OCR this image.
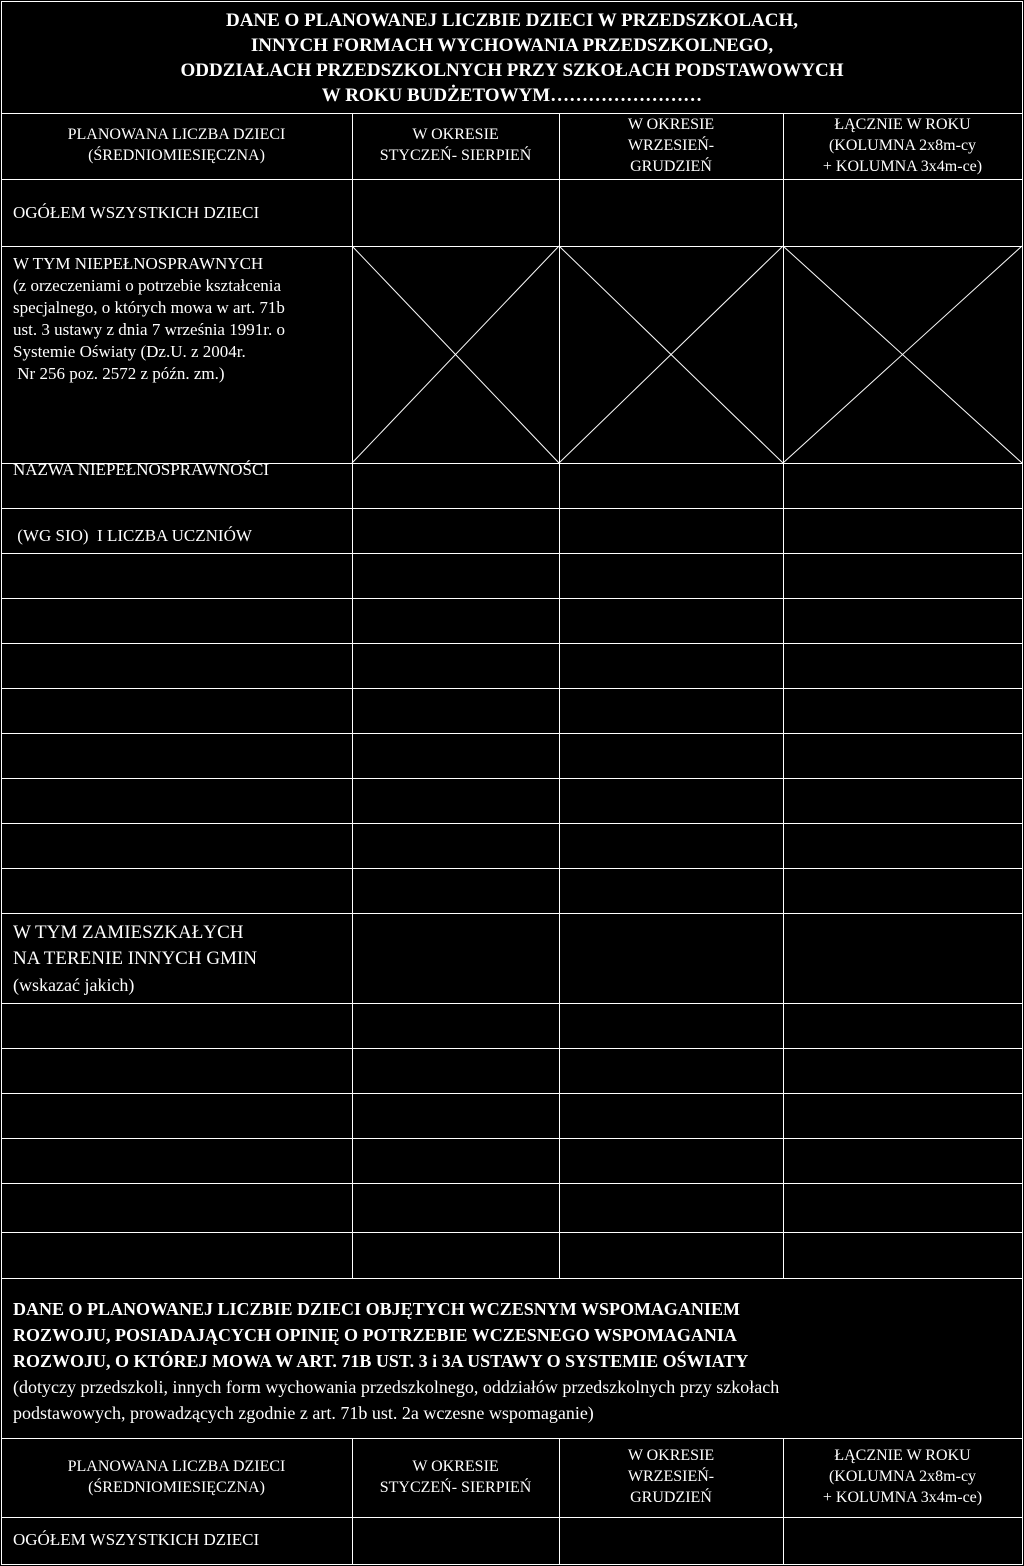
DANE O PLANOWANEJ LICZBIE DZIECI W PRZEDSZKOLACH,
INNYCH FORMACH WYCHOWANIA PRZEDSZKOLNEGO,
ODDZIAŁACH PRZEDSZKOLNYCH PRZY SZKOŁACH PODSTAWOWYCH
W ROKU BUDŻETOWYM……………………
PLANOWANA LICZBA DZIECI
(ŚREDNIOMIESIĘCZNA)
W OKRESIE
STYCZEŃ- SIERPIEŃ
W OKRESIE
WRZESIEŃ-
GRUDZIEŃ
ŁĄCZNIE W ROKU
(KOLUMNA 2x8m-cy
+ KOLUMNA 3x4m-ce)
OGÓŁEM WSZYSTKICH DZIECI
W TYM NIEPEŁNOSPRAWNYCH
(z orzeczeniami o potrzebie kształcenia
specjalnego, o których mowa w art. 71b
ust. 3 ustawy z dnia 7 września 1991r. o
Systemie Oświaty (Dz.U. z 2004r.
Nr 256 poz. 2572 z późn. zm.)

NAZWA NIEPEŁNOSPRAWNOŚCI

(WG SIO)  I LICZBA UCZNIÓW

W TYM ZAMIESZKAŁYCH
NA TERENIE INNYCH GMIN
(wskazać jakich)
DANE O PLANOWANEJ LICZBIE DZIECI OBJĘTYCH WCZESNYM WSPOMAGANIEM
ROZWOJU, POSIADAJĄCYCH OPINIĘ O POTRZEBIE WCZESNEGO WSPOMAGANIA
ROZWOJU, O KTÓREJ MOWA W ART. 71B UST. 3 i 3A USTAWY O SYSTEMIE OŚWIATY
(dotyczy przedszkoli, innych form wychowania przedszkolnego, oddziałów przedszkolnych przy szkołach
podstawowych, prowadzących zgodnie z art. 71b ust. 2a wczesne wspomaganie)
PLANOWANA LICZBA DZIECI
(ŚREDNIOMIESIĘCZNA)
W OKRESIE
STYCZEŃ- SIERPIEŃ
W OKRESIE
WRZESIEŃ-
GRUDZIEŃ
ŁĄCZNIE W ROKU
(KOLUMNA 2x8m-cy
+ KOLUMNA 3x4m-ce)
OGÓŁEM WSZYSTKICH DZIECI
